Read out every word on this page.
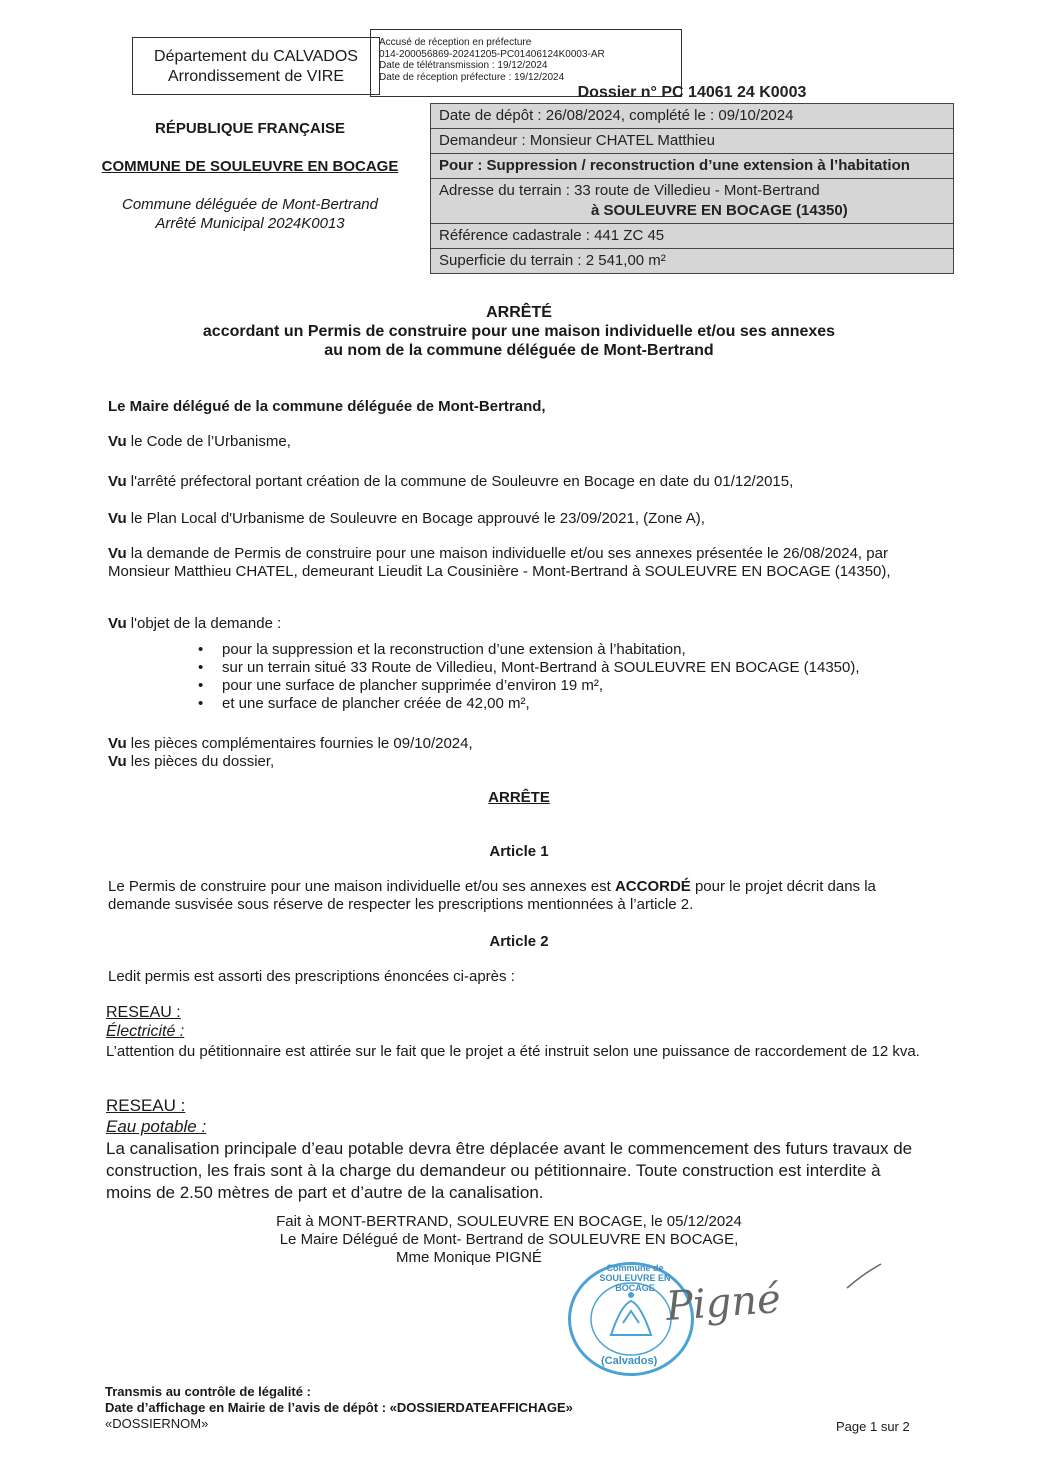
Département du CALVADOS
Arrondissement de VIRE
Accusé de réception en préfecture
014-200056869-20241205-PC01406124K0003-AR
Date de télétransmission : 19/12/2024
Date de réception préfecture : 19/12/2024
RÉPUBLIQUE FRANÇAISE
COMMUNE DE SOULEUVRE EN BOCAGE
Commune déléguée de Mont-Bertrand
Arrêté Municipal 2024K0013
Dossier n° PC 14061 24 K0003
Date de dépôt : 26/08/2024, complété le : 09/10/2024
Demandeur : Monsieur CHATEL Matthieu
Pour : Suppression / reconstruction d’une extension à l’habitation
Adresse du terrain : 33 route de Villedieu - Mont-Bertrand
à SOULEUVRE EN BOCAGE (14350)
Référence cadastrale : 441 ZC 45
Superficie du terrain : 2 541,00 m²
ARRÊTÉ
accordant un Permis de construire pour une maison individuelle et/ou ses annexes
au nom de la commune déléguée de Mont-Bertrand
Le Maire délégué de la commune déléguée de Mont-Bertrand,
Vu le Code de l’Urbanisme,
Vu l'arrêté préfectoral portant création de la commune de Souleuvre en Bocage en date du 01/12/2015,
Vu le Plan Local d'Urbanisme de Souleuvre en Bocage approuvé le 23/09/2021, (Zone A),
Vu la demande de Permis de construire pour une maison individuelle et/ou ses annexes présentée le 26/08/2024, par Monsieur Matthieu CHATEL, demeurant Lieudit La Cousinière - Mont-Bertrand à SOULEUVRE EN BOCAGE (14350),
Vu l'objet de la demande :
• pour la suppression et la reconstruction d’une extension à l’habitation,
• sur un terrain situé 33 Route de Villedieu, Mont-Bertrand à SOULEUVRE EN BOCAGE (14350),
• pour une surface de plancher supprimée d’environ 19 m²,
• et une surface de plancher créée de 42,00 m²,
Vu les pièces complémentaires fournies le 09/10/2024,
Vu les pièces du dossier,
ARRÊTE
Article 1
Le Permis de construire pour une maison individuelle et/ou ses annexes est ACCORDÉ pour le projet décrit dans la demande susvisée sous réserve de respecter les prescriptions mentionnées à l’article 2.
Article 2
Ledit permis est assorti des prescriptions énoncées ci-après :
RESEAU :
Électricité :
L’attention du pétitionnaire est attirée sur le fait que le projet a été instruit selon une puissance de raccordement de 12 kva.
RESEAU :
Eau potable :
La canalisation principale d’eau potable devra être déplacée avant le commencement des futurs travaux de construction, les frais sont à la charge du demandeur ou pétitionnaire. Toute construction est interdite à moins de 2.50 mètres de part et d’autre de la canalisation.
Fait à MONT-BERTRAND, SOULEUVRE EN BOCAGE, le 05/12/2024
Le Maire Délégué de Mont- Bertrand de SOULEUVRE EN BOCAGE,
Mme Monique PIGNÉ
Commune de SOULEUVRE EN BOCAGE
(Calvados)
Pigné
Transmis au contrôle de légalité :
Date d’affichage en Mairie de l’avis de dépôt : «DOSSIERDATEAFFICHAGE»
«DOSSIERNOM»	Page 1 sur 2
